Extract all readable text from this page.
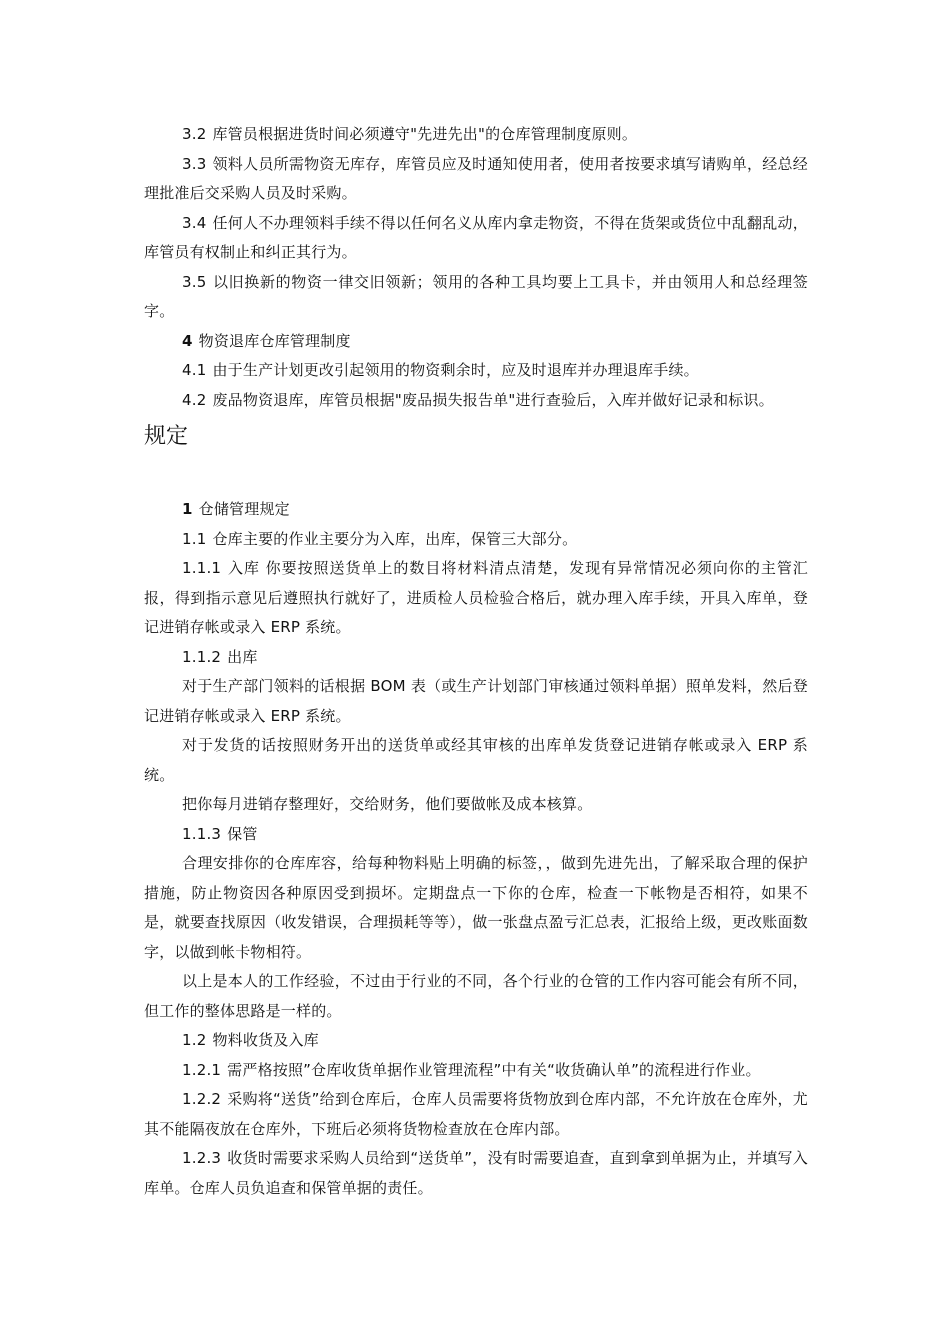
3.2 库管员根据进货时间必须遵守"先进先出"的仓库管理制度原则。

3.3 领料人员所需物资无库存，库管员应及时通知使用者，使用者按要求填写请购单，经总经理批准后交采购人员及时采购。

3.4 任何人不办理领料手续不得以任何名义从库内拿走物资，不得在货架或货位中乱翻乱动，库管员有权制止和纠正其行为。

3.5 以旧换新的物资一律交旧领新；领用的各种工具均要上工具卡，并由领用人和总经理签字。

4 物资退库仓库管理制度

4.1 由于生产计划更改引起领用的物资剩余时，应及时退库并办理退库手续。

4.2 废品物资退库，库管员根据"废品损失报告单"进行查验后，入库并做好记录和标识。

规定

1 仓储管理规定

1.1 仓库主要的作业主要分为入库，出库，保管三大部分。

1.1.1 入库 你要按照送货单上的数目将材料清点清楚，发现有异常情况必须向你的主管汇报，得到指示意见后遵照执行就好了，进质检人员检验合格后，就办理入库手续，开具入库单，登记进销存帐或录入 ERP 系统。

1.1.2 出库

对于生产部门领料的话根据 BOM 表（或生产计划部门审核通过领料单据）照单发料，然后登记进销存帐或录入 ERP 系统。

对于发货的话按照财务开出的送货单或经其审核的出库单发货登记进销存帐或录入 ERP 系统。

把你每月进销存整理好，交给财务，他们要做帐及成本核算。

1.1.3 保管

合理安排你的仓库库容，给每种物料贴上明确的标签，，做到先进先出，了解采取合理的保护措施，防止物资因各种原因受到损坏。定期盘点一下你的仓库，检查一下帐物是否相符，如果不是，就要查找原因（收发错误，合理损耗等等），做一张盘点盈亏汇总表，汇报给上级，更改账面数字，以做到帐卡物相符。

以上是本人的工作经验，不过由于行业的不同，各个行业的仓管的工作内容可能会有所不同，但工作的整体思路是一样的。

1.2 物料收货及入库

1.2.1 需严格按照”仓库收货单据作业管理流程”中有关“收货确认单”的流程进行作业。

1.2.2 采购将“送货”给到仓库后，仓库人员需要将货物放到仓库内部，不允许放在仓库外，尤其不能隔夜放在仓库外，下班后必须将货物检查放在仓库内部。

1.2.3 收货时需要求采购人员给到“送货单”，没有时需要追查，直到拿到单据为止，并填写入库单。仓库人员负追查和保管单据的责任。
